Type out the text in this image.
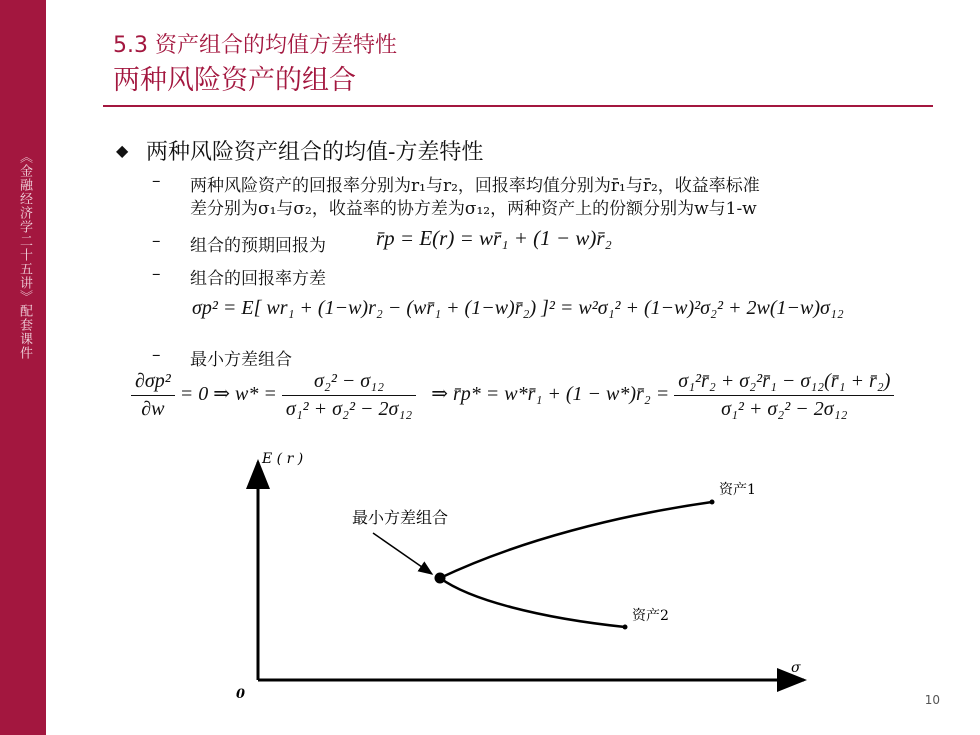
《金融经济学二十五讲》配套课件
5.3 资产组合的均值方差特性
两种风险资产的组合
◆ 两种风险资产组合的均值-方差特性
– 两种风险资产的回报率分别为r₁与r₂，回报率均值分别为r̄₁与r̄₂，收益率标准
差分别为σ₁与σ₂，收益率的协方差为σ₁₂，两种资产上的份额分别为w与1-w
– 组合的预期回报为 r̄p = E(r) = wr̄₁ + (1 − w)r̄₂
– 组合的回报率方差
σp² = E[ wr₁ + (1−w)r₂ − (wr̄₁ + (1−w)r̄₂) ]² = w²σ₁² + (1−w)²σ₂² + 2w(1−w)σ₁₂
– 最小方差组合
$\frac{\text{∂σp²}}{\partial w} = 0$ ⇒ $w* = \frac{\text{σ₂² − σ₁₂}}{\text{σ₁² + σ₂² − 2σ₁₂}}$ ⇒ r̄p* = w*r̄₁ + (1 − w*)r̄₂ = $\frac{\text{σ₁²r̄₂ + σ₂²r̄₁ − σ₁₂(r̄₁ + r̄₂)}}{\text{σ₁² + σ₂² − 2σ₁₂}}$
E ( r )
σ
0
最小方差组合
资产1
资产2
10
